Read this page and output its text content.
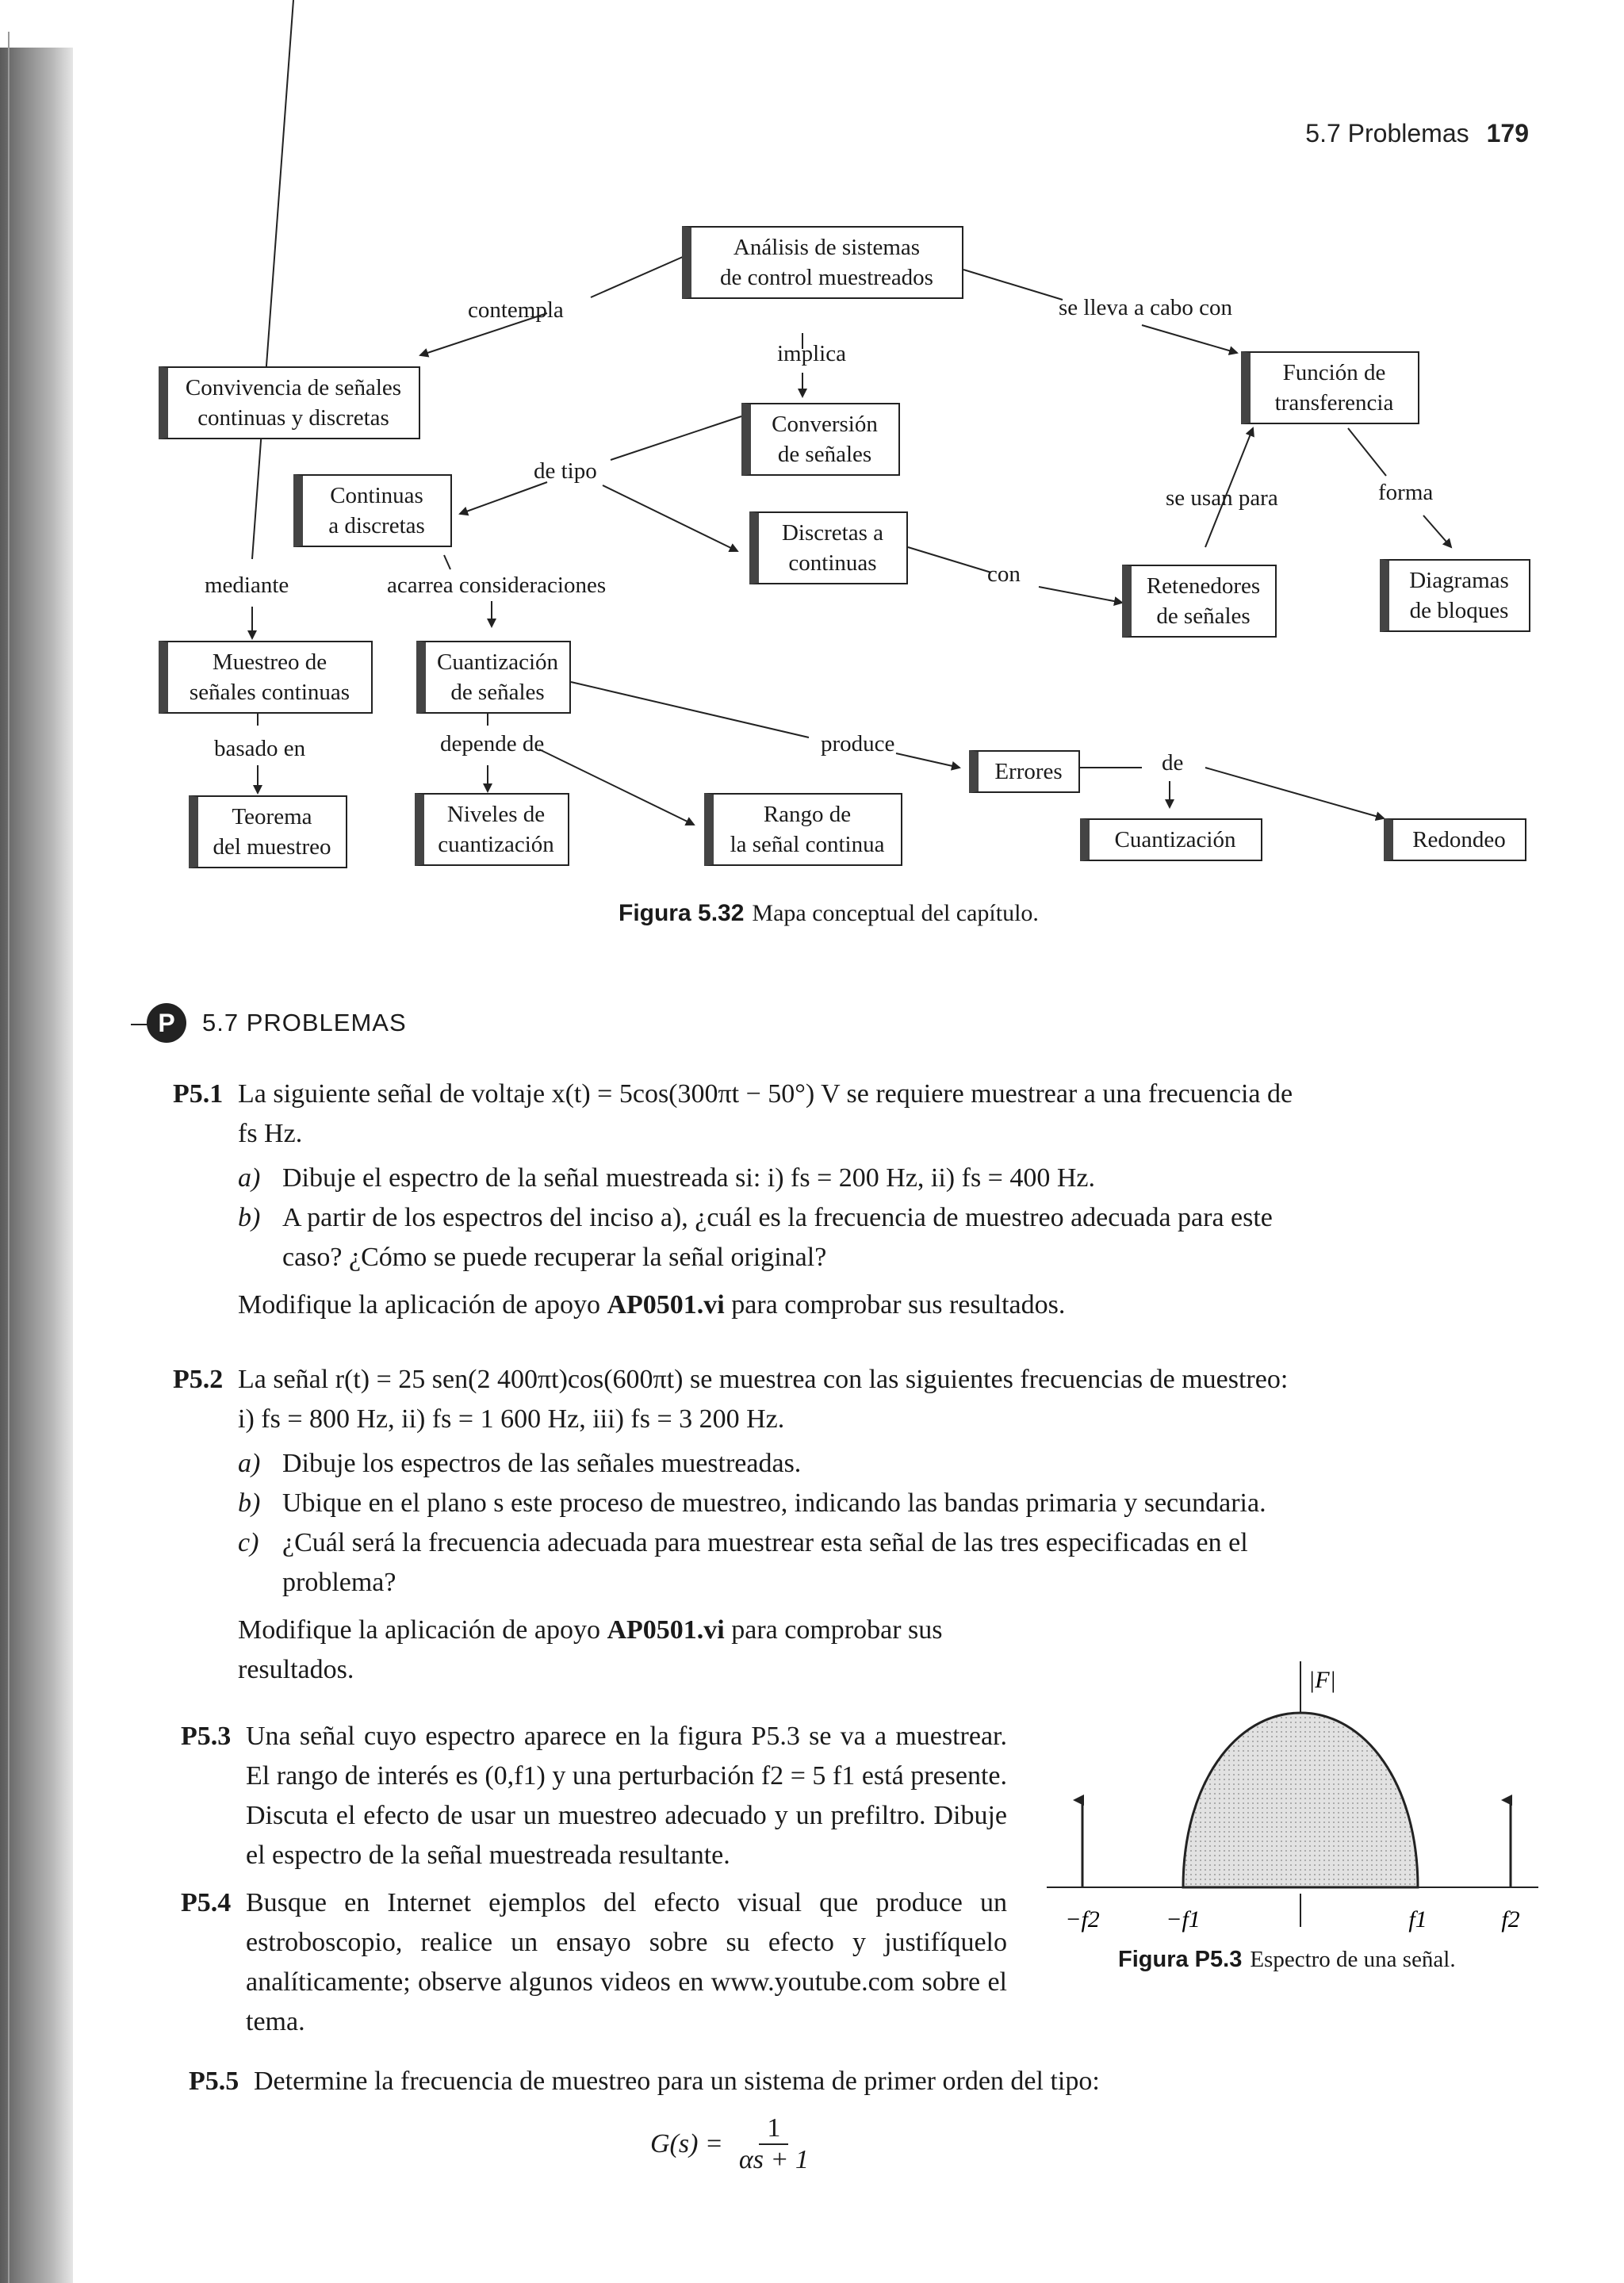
5.7 Problemas 179
Análisis de sistemas
de control muestreados
Convivencia de señales
continuas y discretas	Conversión
de señales
Función de
transferencia
Continuas
a discretas	Discretas a
continuas
Retenedores
de señales
Diagramas
de bloques
Muestreo de
señales continuas
Cuantización
de señales
Teorema
del muestreo
Niveles de
cuantización
Rango de
la señal continua
Errores
Cuantización	Redondeo
contempla
implica
se lleva a cabo con
de tipo
se usan para	forma
mediante	acarrea consideraciones	con
basado en	depende de	produce
de
Figura 5.32 Mapa conceptual del capítulo.
P	5.7 PROBLEMAS
P5.1 La siguiente señal de voltaje x(t) = 5cos(300πt − 50°) V se requiere muestrear a una frecuencia de fs Hz.

a) Dibuje el espectro de la señal muestreada si: i) fs = 200 Hz, ii) fs = 400 Hz.
b) A partir de los espectros del inciso a), ¿cuál es la frecuencia de muestreo adecuada para este caso? ¿Cómo se puede recuperar la señal original?

Modifique la aplicación de apoyo AP0501.vi para comprobar sus resultados.

P5.2 La señal r(t) = 25 sen(2 400πt)cos(600πt) se muestrea con las siguientes frecuencias de muestreo: i) fs = 800 Hz, ii) fs = 1 600 Hz, iii) fs = 3 200 Hz.

a) Dibuje los espectros de las señales muestreadas.
b) Ubique en el plano s este proceso de muestreo, indicando las bandas primaria y secundaria.
c) ¿Cuál será la frecuencia adecuada para muestrear esta señal de las tres especificadas en el problema?

Modifique la aplicación de apoyo AP0501.vi para comprobar sus resultados.

P5.3 Una señal cuyo espectro aparece en la figura P5.3 se va a muestrear. El rango de interés es (0,f1) y una perturbación f2 = 5 f1 está presente. Discuta el efecto de usar un muestreo adecuado y un prefiltro. Dibuje el espectro de la señal muestreada resultante.

P5.4 Busque en Internet ejemplos del efecto visual que produce un estroboscopio, realice un ensayo sobre su efecto y justifíquelo analíticamente; observe algunos videos en www.youtube.com sobre el tema.

P5.5 Determine la frecuencia de muestreo para un sistema de primer orden del tipo:

$G(s) = \frac{1}{\alpha s + 1}$
|F|
−f2	−f1	f1	f2
Figura P5.3 Espectro de una señal.
